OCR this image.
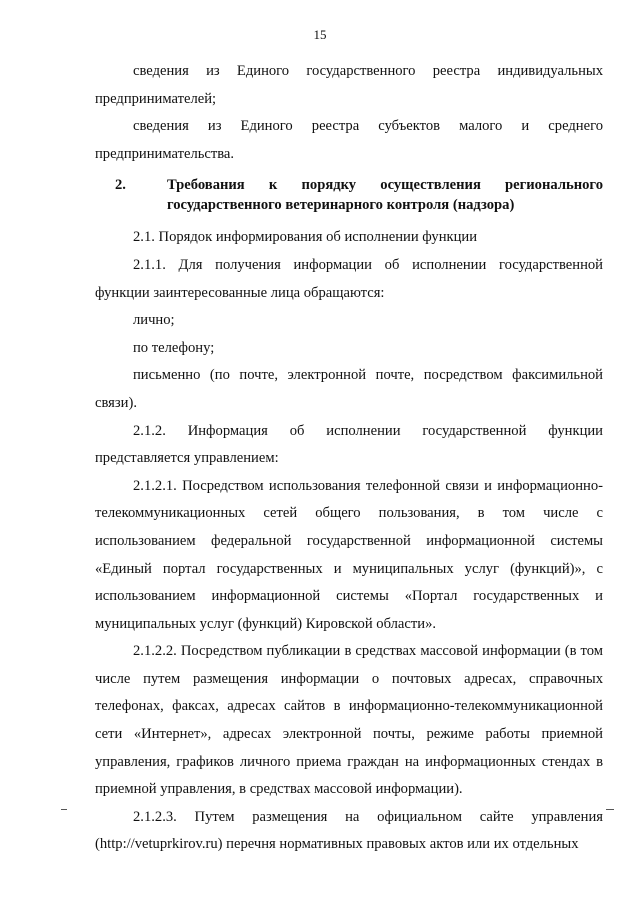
15

сведения из Единого государственного реестра индивидуальных предпринимателей;

сведения из Единого реестра субъектов малого и среднего предпринимательства.

2.	Требования к порядку осуществления регионального
государственного ветеринарного контроля (надзора)

2.1. Порядок информирования об исполнении функции

2.1.1. Для получения информации об исполнении государственной функции заинтересованные лица обращаются:

лично;

по телефону;

письменно (по почте, электронной почте, посредством факсимильной связи).

2.1.2. Информация об исполнении государственной функции представляется управлением:

2.1.2.1. Посредством использования телефонной связи и информационно-телекоммуникационных сетей общего пользования, в том числе с использованием федеральной государственной информационной системы «Единый портал государственных и муниципальных услуг (функций)», с использованием информационной системы «Портал государственных и муниципальных услуг (функций) Кировской области».

2.1.2.2. Посредством публикации в средствах массовой информации (в том числе путем размещения информации о почтовых адресах, справочных телефонах, факсах, адресах сайтов в информационно-телекоммуникационной сети «Интернет», адресах электронной почты, режиме работы приемной управления, графиков личного приема граждан на информационных стендах в приемной управления, в средствах массовой информации).

2.1.2.3. Путем размещения на официальном сайте управления (http://vetuprkirov.ru) перечня нормативных правовых актов или их отдельных
